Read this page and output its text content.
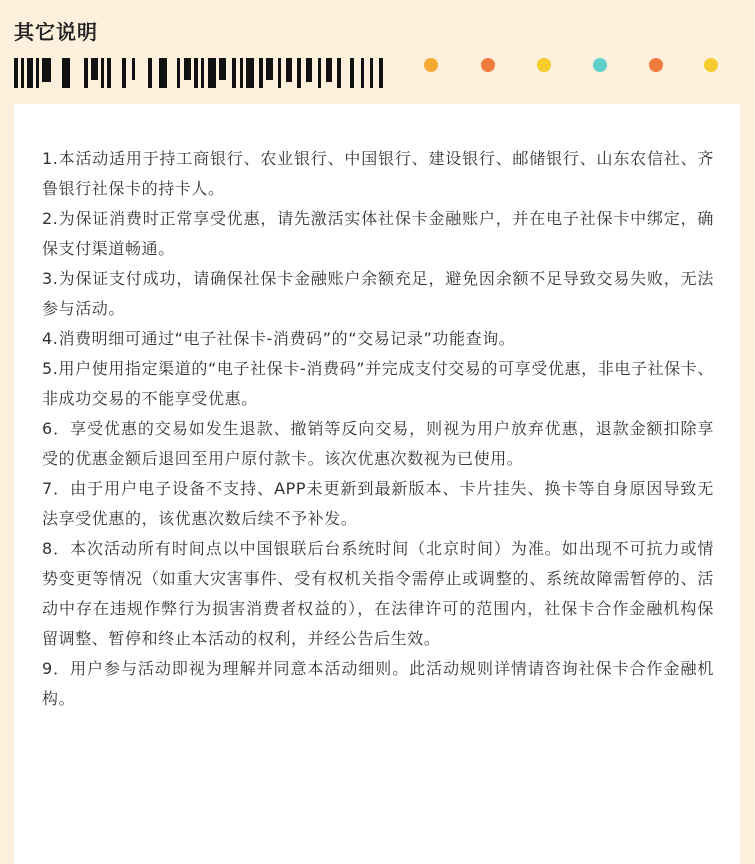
其它说明

1.本活动适用于持工商银行、农业银行、中国银行、建设银行、邮储银行、山东农信社、齐鲁银行社保卡的持卡人。

2.为保证消费时正常享受优惠，请先激活实体社保卡金融账户，并在电子社保卡中绑定，确保支付渠道畅通。

3.为保证支付成功，请确保社保卡金融账户余额充足，避免因余额不足导致交易失败，无法参与活动。

4.消费明细可通过“电子社保卡-消费码”的“交易记录”功能查询。

5.用户使用指定渠道的“电子社保卡-消费码”并完成支付交易的可享受优惠，非电子社保卡、非成功交易的不能享受优惠。

6．享受优惠的交易如发生退款、撤销等反向交易，则视为用户放弃优惠，退款金额扣除享受的优惠金额后退回至用户原付款卡。该次优惠次数视为已使用。

7．由于用户电子设备不支持、APP未更新到最新版本、卡片挂失、换卡等自身原因导致无法享受优惠的，该优惠次数后续不予补发。

8．本次活动所有时间点以中国银联后台系统时间（北京时间）为准。如出现不可抗力或情势变更等情况（如重大灾害事件、受有权机关指令需停止或调整的、系统故障需暂停的、活动中存在违规作弊行为损害消费者权益的），在法律许可的范围内，社保卡合作金融机构保留调整、暂停和终止本活动的权利，并经公告后生效。

9．用户参与活动即视为理解并同意本活动细则。此活动规则详情请咨询社保卡合作金融机构。
